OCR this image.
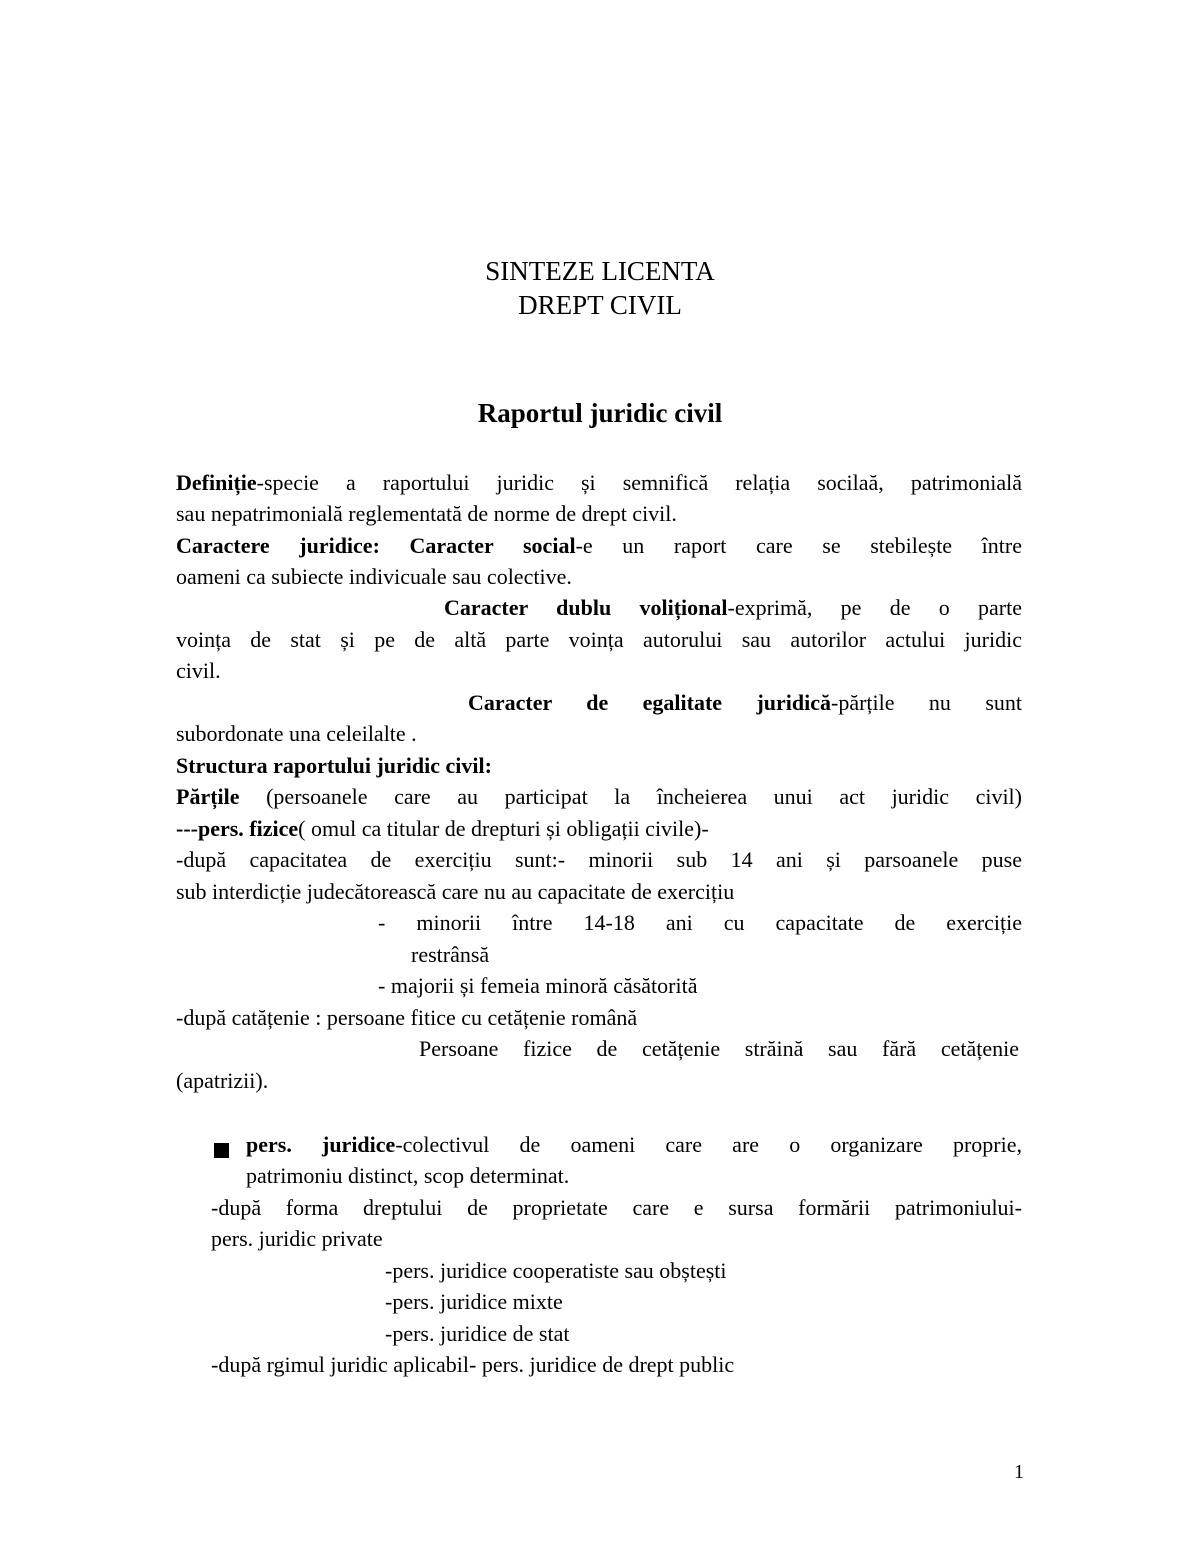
SINTEZE LICENTA
DREPT CIVIL
Raportul juridic civil
Definiție-specie a raportului juridic și semnifică relația socilaă, patrimonială
sau nepatrimonială reglementată de norme de drept civil.
Caractere juridice: Caracter social-e un raport care se stebilește între
oameni ca subiecte indivicuale sau colective.
Caracter dublu volițional-exprimă, pe de o parte
voința de stat și pe de altă parte voința autorului sau autorilor actului juridic
civil.
Caracter de egalitate juridică-părțile nu sunt
subordonate una celeilalte .
Structura raportului juridic civil:
Părțile (persoanele care au participat la încheierea unui act juridic civil)
---pers. fizice( omul ca titular de drepturi și obligații civile)-
-după capacitatea de exercițiu sunt:- minorii sub 14 ani și parsoanele puse
sub interdicție judecătorească care nu au capacitate de exercițiu
- minorii între 14-18 ani cu capacitate de exerciție
restrânsă
- majorii și femeia minoră căsătorită
-după catățenie : persoane fitice cu cetățenie română
Persoane fizice de cetățenie străină sau fără cetățenie
(apatrizii).
pers. juridice-colectivul de oameni care are o organizare proprie,
patrimoniu distinct, scop determinat.
-după forma dreptului de proprietate care e sursa formării patrimoniului-
pers. juridic private
-pers. juridice cooperatiste sau obștești
-pers. juridice mixte
-pers. juridice de stat
-după rgimul juridic aplicabil- pers. juridice de drept public
1
